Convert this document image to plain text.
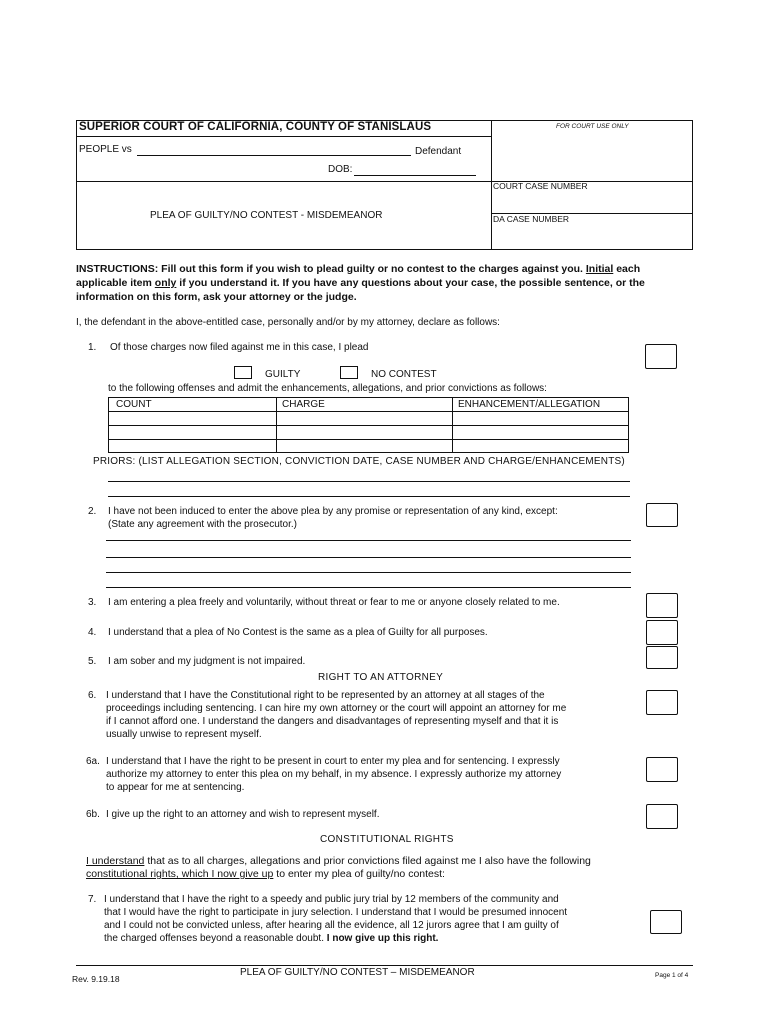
SUPERIOR COURT OF CALIFORNIA, COUNTY OF STANISLAUS	FOR COURT USE ONLY
PEOPLE vs	Defendant
DOB:
PLEA OF GUILTY/NO CONTEST - MISDEMEANOR
COURT CASE NUMBER
DA CASE NUMBER
INSTRUCTIONS: Fill out this form if you wish to plead guilty or no contest to the charges against you. Initial each
applicable item only if you understand it. If you have any questions about your case, the possible sentence, or the
information on this form, ask your attorney or the judge.
I, the defendant in the above-entitled case, personally and/or by my attorney, declare as follows:
1. Of those charges now filed against me in this case, I plead
GUILTY	NO CONTEST
to the following offenses and admit the enhancements, allegations, and prior convictions as follows:
COUNT	CHARGE	ENHANCEMENT/ALLEGATION
PRIORS: (LIST ALLEGATION SECTION, CONVICTION DATE, CASE NUMBER AND CHARGE/ENHANCEMENTS)
2. I have not been induced to enter the above plea by any promise or representation of any kind, except:
(State any agreement with the prosecutor.)
3. I am entering a plea freely and voluntarily, without threat or fear to me or anyone closely related to me.
4. I understand that a plea of No Contest is the same as a plea of Guilty for all purposes.
5. I am sober and my judgment is not impaired.
RIGHT TO AN ATTORNEY
6. I understand that I have the Constitutional right to be represented by an attorney at all stages of the
proceedings including sentencing. I can hire my own attorney or the court will appoint an attorney for me
if I cannot afford one. I understand the dangers and disadvantages of representing myself and that it is
usually unwise to represent myself.
6a. I understand that I have the right to be present in court to enter my plea and for sentencing. I expressly
authorize my attorney to enter this plea on my behalf, in my absence. I expressly authorize my attorney
to appear for me at sentencing.
6b. I give up the right to an attorney and wish to represent myself.
CONSTITUTIONAL RIGHTS
I understand that as to all charges, allegations and prior convictions filed against me I also have the following
constitutional rights, which I now give up to enter my plea of guilty/no contest:
7. I understand that I have the right to a speedy and public jury trial by 12 members of the community and
that I would have the right to participate in jury selection. I understand that I would be presumed innocent
and I could not be convicted unless, after hearing all the evidence, all 12 jurors agree that I am guilty of
the charged offenses beyond a reasonable doubt. I now give up this right.
Rev. 9.19.18
PLEA OF GUILTY/NO CONTEST – MISDEMEANOR	Page 1 of 4
